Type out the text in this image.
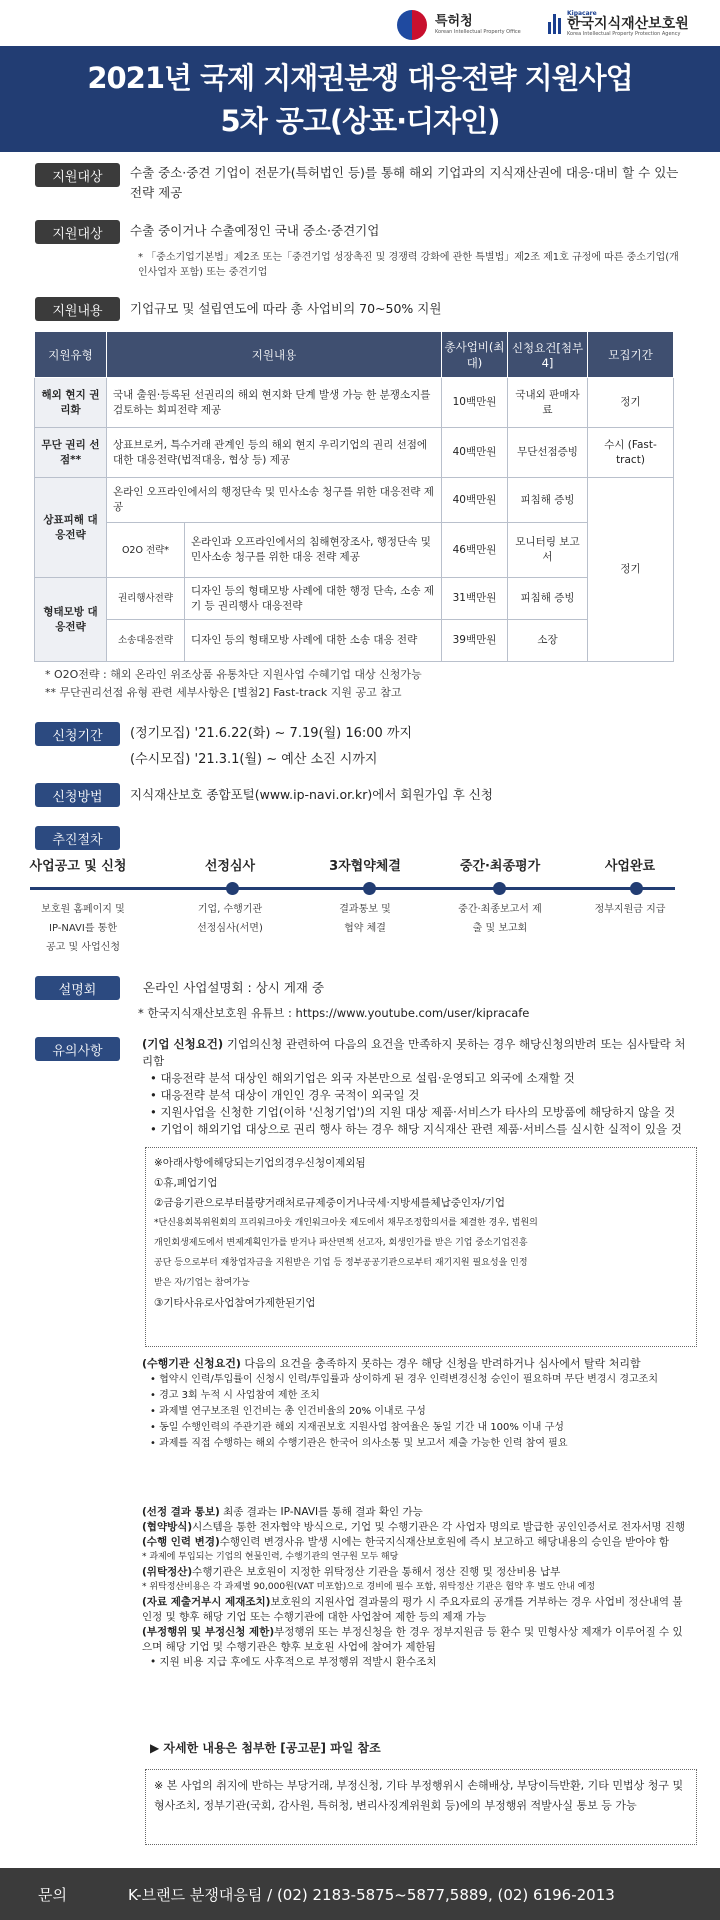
특허청
Korean Intellectual Property Office
Kipacare
한국지식재산보호원
Korea Intellectual Property Protection Agency
2021년 국제 지재권분쟁 대응전략 지원사업
5차 공고(상표·디자인)
지원대상	수출 중소·중견 기업이 전문가(특허법인 등)를 통해 해외 기업과의 지식재산권에 대응·대비 할 수 있는 전략 제공
지원대상	수출 중이거나 수출예정인 국내 중소·중견기업
* 「중소기업기본법」제2조 또는「중견기업 성장촉진 및 경쟁력 강화에 관한 특별법」제2조 제1호 규정에 따른 중소기업(개인사업자 포함) 또는 중견기업
지원내용	기업규모 및 설립연도에 따라 총 사업비의 70~50% 지원
지원유형	지원내용		총사업비(최대)	신청요건[첨부4]	모집기간
해외 현지 권리화	국내 출원·등록된 선권리의 해외 현지화 단계 발생 가능 한 분쟁소지를 검토하는 회피전략 제공		10백만원	국내외 판매자료	정기
무단 권리 선점**	상표브로커, 특수거래 관계인 등의 해외 현지 우리기업의 권리 선점에 대한 대응전략(법적대응, 협상 등) 제공		40백만원	무단선점증빙	수시 (Fast-tract)
상표피해 대응전략	온라인 오프라인에서의 행정단속 및 민사소송 청구를 위한 대응전략 제공		40백만원	피침해 증빙	정기
	O2O 전략*	온라인과 오프라인에서의 침해현장조사, 행정단속 및 민사소송 청구를 위한 대응 전략 제공	46백만원	모니터링 보고서	
형태모방 대응전략	권리행사전략	디자인 등의 형태모방 사례에 대한 행정 단속, 소송 제기 등 권리행사 대응전략	31백만원	피침해 증빙	
	소송대응전략	디자인 등의 형태모방 사례에 대한 소송 대응 전략	39백만원	소장	
* O2O전략 : 해외 온라인 위조상품 유통차단 지원사업 수혜기업 대상 신청가능
** 무단권리선점 유형 관련 세부사항은 [별첨2] Fast-track 지원 공고 참고
신청기간	(정기모집) '21.6.22(화) ~ 7.19(월) 16:00 까지
(수시모집) '21.3.1(월) ~ 예산 소진 시까지
신청방법	지식재산보호 종합포털(www.ip-navi.or.kr)에서 회원가입 후 신청
추진절차
사업공고 및 신청	선정심사	3자협약체결	중간·최종평가	사업완료
보호원 홈페이지 및
IP-NAVI를 통한
공고 및 사업신청
기업, 수행기관
선정심사(서면)
결과통보 및
협약 체결
중간·최종보고서 제
출 및 보고회
정부지원금 지급
설명회	온라인 사업설명회 : 상시 게재 중
* 한국지식재산보호원 유튜브 : https://www.youtube.com/user/kipracafe
유의사항	(기업 신청요건) 기업의신청 관련하여 다음의 요건을 만족하지 못하는 경우 해당신청의반려 또는 심사탈락 처리함
• 대응전략 분석 대상인 해외기업은 외국 자본만으로 설립·운영되고 외국에 소재할 것
• 대응전략 분석 대상이 개인인 경우 국적이 외국일 것
• 지원사업을 신청한 기업(이하 '신청기업')의 지원 대상 제품·서비스가 타사의 모방품에 해당하지 않을 것
• 기업이 해외기업 대상으로 권리 행사 하는 경우 해당 지식재산 관련 제품·서비스를 실시한 실적이 있을 것
※아래사항에해당되는기업의경우신청이제외됨
①휴,폐업기업
②금융기관으로부터불량거래처로규제중이거나국세·지방세를체납중인자/기업
*단신용회복위원회의 프리워크아웃 개인워크아웃 제도에서 채무조정합의서를 체결한 경우, 법원의
개인회생제도에서 변제계획인가를 받거나 파산면책 선고자, 회생인가를 받은 기업 중소기업진흥
공단 등으로부터 재창업자금을 지원받은 기업 등 정부공공기관으로부터 재기지원 필요성을 인정
받은 자/기업는 참여가능
③기타사유로사업참여가제한된기업
(수행기관 신청요건) 다음의 요건을 충족하지 못하는 경우 해당 신청을 반려하거나 심사에서 탈락 처리함
• 협약시 인력/투입률이 신청시 인력/투입률과 상이하게 된 경우 인력변경신청 승인이 필요하며 무단 변경시 경고조치
• 경고 3회 누적 시 사업참여 제한 조치
• 과제별 연구보조원 인건비는 총 인건비율의 20% 이내로 구성
• 동일 수행인력의 주관기관 해외 지재권보호 지원사업 참여율은 동일 기간 내 100% 이내 구성
• 과제를 직접 수행하는 해외 수행기관은 한국어 의사소통 및 보고서 제출 가능한 인력 참여 필요
(선정 결과 통보) 최종 결과는 IP-NAVI를 통해 결과 확인 가능
(협약방식)시스템을 통한 전자협약 방식으로, 기업 및 수행기관은 각 사업자 명의로 발급한 공인인증서로 전자서명 진행
(수행 인력 변경)수행인력 변경사유 발생 시에는 한국지식재산보호원에 즉시 보고하고 해당내용의 승인을 받아야 함
* 과제에 투입되는 기업의 현물인력, 수행기관의 연구원 모두 해당
(위탁정산)수행기관은 보호원이 지정한 위탁정산 기관을 통해서 정산 진행 및 정산비용 납부
* 위탁정산비용은 각 과제별 90,000원(VAT 미포함)으로 경비에 필수 포함, 위탁정산 기관은 협약 후 별도 안내 예정
(자료 제출거부시 제재조치)보호원의 지원사업 결과물의 평가 시 주요자료의 공개를 거부하는 경우 사업비 정산내역 불인정 및 향후 해당 기업 또는 수행기관에 대한 사업참여 제한 등의 제재 가능
(부정행위 및 부정신청 제한)부정행위 또는 부정신청을 한 경우 정부지원금 등 환수 및 민형사상 제재가 이루어질 수 있으며 해당 기업 및 수행기관은 향후 보호원 사업에 참여가 제한됨
• 지원 비용 지급 후에도 사후적으로 부정행위 적발시 환수조치
▶ 자세한 내용은 첨부한 [공고문] 파일 참조
※ 본 사업의 취지에 반하는 부당거래, 부정신청, 기타 부정행위시 손해배상, 부당이득반환, 기타 민법상 청구 및 형사조치, 정부기관(국회, 감사원, 특허청, 변리사징계위원회 등)에의 부정행위 적발사실 통보 등 가능
문의	K-브랜드 분쟁대응팀 / (02) 2183-5875~5877,5889, (02) 6196-2013
